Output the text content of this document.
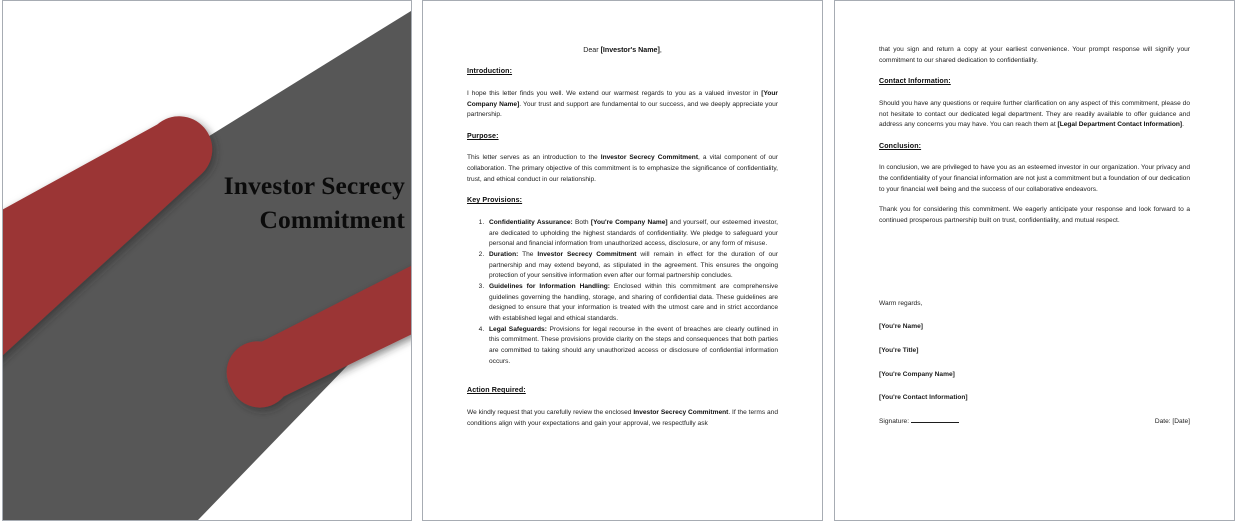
Investor Secrecy
Commitment

Dear [Investor's Name],

Introduction:

I hope this letter finds you well. We extend our warmest regards to you as a valued investor in [Your Company Name]. Your trust and support are fundamental to our success, and we deeply appreciate your partnership.

Purpose:

This letter serves as an introduction to the Investor Secrecy Commitment, a vital component of our collaboration. The primary objective of this commitment is to emphasize the significance of confidentiality, trust, and ethical conduct in our relationship.

Key Provisions:
1. Confidentiality Assurance: Both [You're Company Name] and yourself, our esteemed investor, are dedicated to upholding the highest standards of confidentiality. We pledge to safeguard your personal and financial information from unauthorized access, disclosure, or any form of misuse.
2. Duration: The Investor Secrecy Commitment will remain in effect for the duration of our partnership and may extend beyond, as stipulated in the agreement. This ensures the ongoing protection of your sensitive information even after our formal partnership concludes.
3. Guidelines for Information Handling: Enclosed within this commitment are comprehensive guidelines governing the handling, storage, and sharing of confidential data. These guidelines are designed to ensure that your information is treated with the utmost care and in strict accordance with established legal and ethical standards.
4. Legal Safeguards: Provisions for legal recourse in the event of breaches are clearly outlined in this commitment. These provisions provide clarity on the steps and consequences that both parties are committed to taking should any unauthorized access or disclosure of confidential information occurs.
Action Required:

We kindly request that you carefully review the enclosed Investor Secrecy Commitment. If the terms and conditions align with your expectations and gain your approval, we respectfully ask

that you sign and return a copy at your earliest convenience. Your prompt response will signify your commitment to our shared dedication to confidentiality.

Contact Information:

Should you have any questions or require further clarification on any aspect of this commitment, please do not hesitate to contact our dedicated legal department. They are readily available to offer guidance and address any concerns you may have. You can reach them at [Legal Department Contact Information].

Conclusion:

In conclusion, we are privileged to have you as an esteemed investor in our organization. Your privacy and the confidentiality of your financial information are not just a commitment but a foundation of our dedication to your financial well being and the success of our collaborative endeavors.

Thank you for considering this commitment. We eagerly anticipate your response and look forward to a continued prosperous partnership built on trust, confidentiality, and mutual respect.

Warm regards,
[You're Name]
[You're Title]
[You're Company Name]
[You're Contact Information]
Signature:	Date: [Date]
